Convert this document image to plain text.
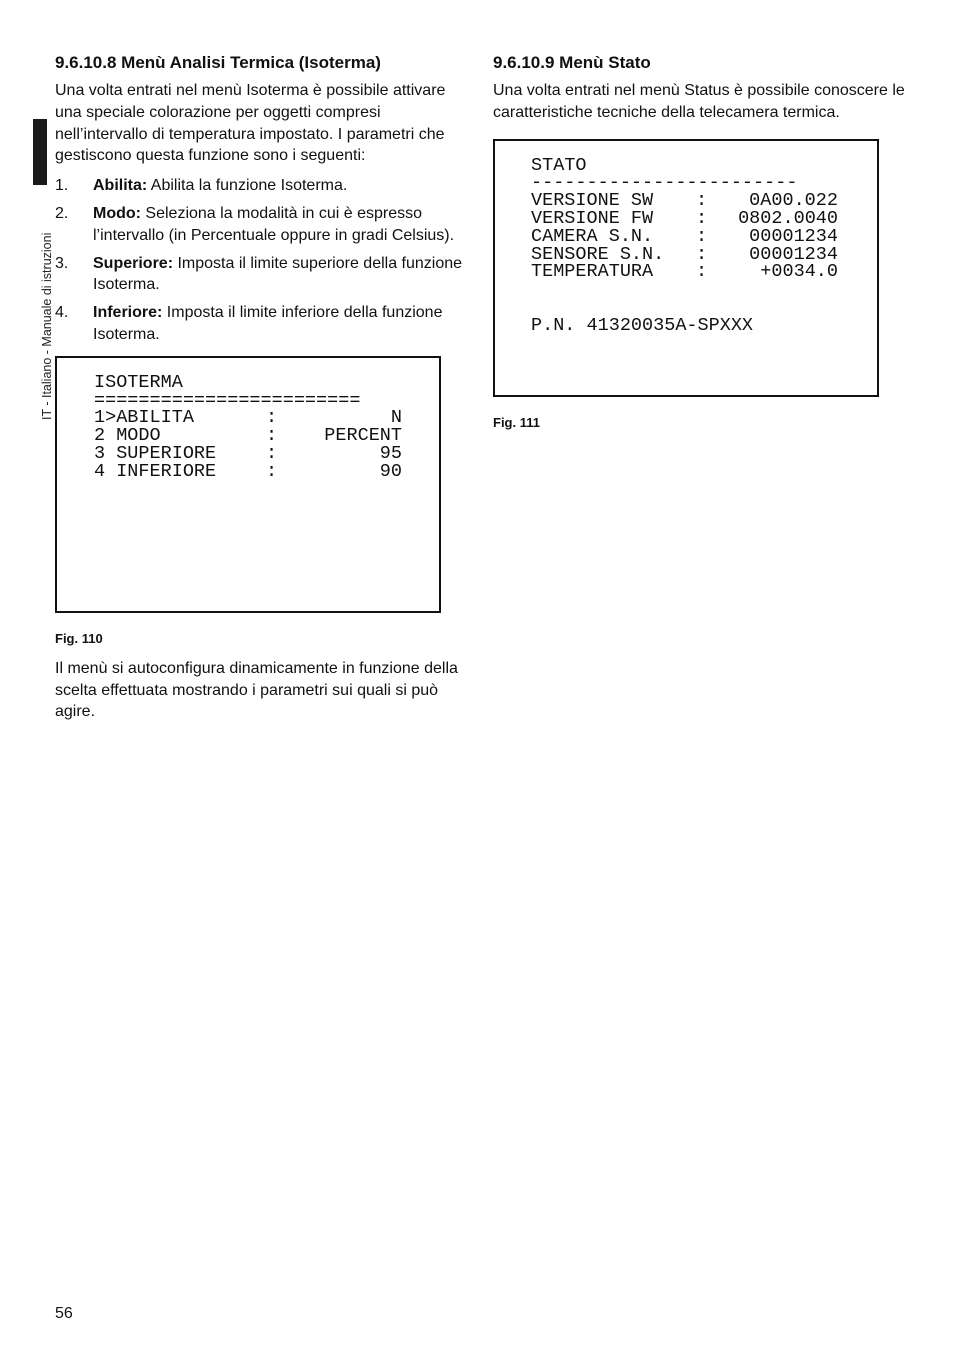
IT - Italiano - Manuale di istruzioni
9.6.10.8 Menù Analisi Termica (Isoterma)

Una volta entrati nel menù Isoterma è possibile attivare una speciale colorazione per oggetti compresi nell’intervallo di temperatura impostato. I parametri che gestiscono questa funzione sono i seguenti:

1. Abilita: Abilita la funzione Isoterma.
2. Modo: Seleziona la modalità in cui è espresso l’intervallo (in Percentuale oppure in gradi Celsius).
3. Superiore: Imposta il limite superiore della funzione Isoterma.
4. Inferiore: Imposta il limite inferiore della funzione Isoterma.
ISOTERMA
========================
1>ABILITA	:	N
2 MODO	:	PERCENT
3 SUPERIORE	:	95
4 INFERIORE	:	90
Fig. 110

Il menù si autoconfigura dinamicamente in funzione della scelta effettuata mostrando i parametri sui quali si può agire.

9.6.10.9 Menù Stato

Una volta entrati nel menù Status è possibile conoscere le caratteristiche tecniche della telecamera termica.

STATO
------------------------
VERSIONE SW	:	0A00.022
VERSIONE FW	:	0802.0040
CAMERA S.N.	:	00001234
SENSORE S.N.	:	00001234
TEMPERATURA	:	+0034.0
P.N. 41320035A-SPXXX
Fig. 111
56
